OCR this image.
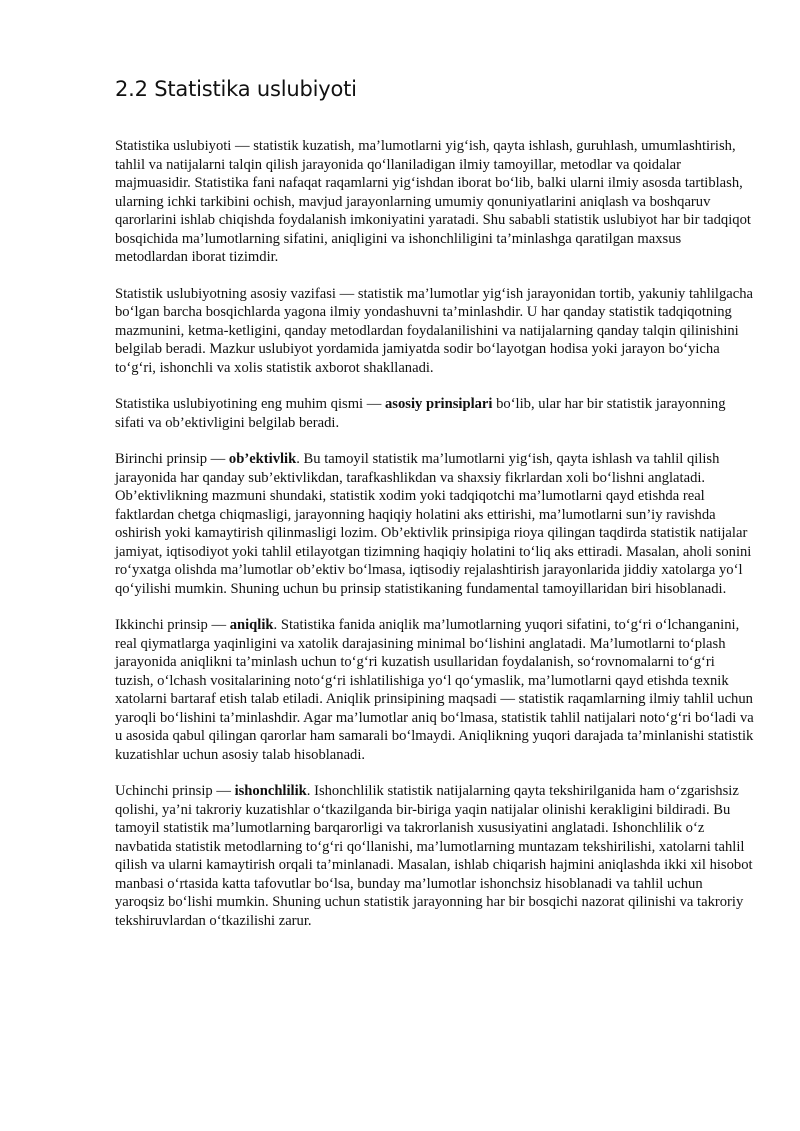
2.2 Statistika uslubiyoti

Statistika uslubiyoti — statistik kuzatish, ma’lumotlarni yig‘ish, qayta ishlash, guruhlash, umumlashtirish, tahlil va natijalarni talqin qilish jarayonida qo‘llaniladigan ilmiy tamoyillar, metodlar va qoidalar majmuasidir. Statistika fani nafaqat raqamlarni yig‘ishdan iborat bo‘lib, balki ularni ilmiy asosda tartiblash, ularning ichki tarkibini ochish, mavjud jarayonlarning umumiy qonuniyatlarini aniqlash va boshqaruv qarorlarini ishlab chiqishda foydalanish imkoniyatini yaratadi. Shu sababli statistik uslubiyot har bir tadqiqot bosqichida ma’lumotlarning sifatini, aniqligini va ishonchliligini ta’minlashga qaratilgan maxsus metodlardan iborat tizimdir.

Statistik uslubiyotning asosiy vazifasi — statistik ma’lumotlar yig‘ish jarayonidan tortib, yakuniy tahlilgacha bo‘lgan barcha bosqichlarda yagona ilmiy yondashuvni ta’minlashdir. U har qanday statistik tadqiqotning mazmunini, ketma-ketligini, qanday metodlardan foydalanilishini va natijalarning qanday talqin qilinishini belgilab beradi. Mazkur uslubiyot yordamida jamiyatda sodir bo‘layotgan hodisa yoki jarayon bo‘yicha to‘g‘ri, ishonchli va xolis statistik axborot shakllanadi.

Statistika uslubiyotining eng muhim qismi — asosiy prinsiplari bo‘lib, ular har bir statistik jarayonning sifati va ob’ektivligini belgilab beradi.

Birinchi prinsip — ob’ektivlik. Bu tamoyil statistik ma’lumotlarni yig‘ish, qayta ishlash va tahlil qilish jarayonida har qanday sub’ektivlikdan, tarafkashlikdan va shaxsiy fikrlardan xoli bo‘lishni anglatadi. Ob’ektivlikning mazmuni shundaki, statistik xodim yoki tadqiqotchi ma’lumotlarni qayd etishda real faktlardan chetga chiqmasligi, jarayonning haqiqiy holatini aks ettirishi, ma’lumotlarni sun’iy ravishda oshirish yoki kamaytirish qilinmasligi lozim. Ob’ektivlik prinsipiga rioya qilingan taqdirda statistik natijalar jamiyat, iqtisodiyot yoki tahlil etilayotgan tizimning haqiqiy holatini to‘liq aks ettiradi. Masalan, aholi sonini ro‘yxatga olishda ma’lumotlar ob’ektiv bo‘lmasa, iqtisodiy rejalashtirish jarayonlarida jiddiy xatolarga yo‘l qo‘yilishi mumkin. Shuning uchun bu prinsip statistikaning fundamental tamoyillaridan biri hisoblanadi.

Ikkinchi prinsip — aniqlik. Statistika fanida aniqlik ma’lumotlarning yuqori sifatini, to‘g‘ri o‘lchanganini, real qiymatlarga yaqinligini va xatolik darajasining minimal bo‘lishini anglatadi. Ma’lumotlarni to‘plash jarayonida aniqlikni ta’minlash uchun to‘g‘ri kuzatish usullaridan foydalanish, so‘rovnomalarni to‘g‘ri tuzish, o‘lchash vositalarining noto‘g‘ri ishlatilishiga yo‘l qo‘ymaslik, ma’lumotlarni qayd etishda texnik xatolarni bartaraf etish talab etiladi. Aniqlik prinsipining maqsadi — statistik raqamlarning ilmiy tahlil uchun yaroqli bo‘lishini ta’minlashdir. Agar ma’lumotlar aniq bo‘lmasa, statistik tahlil natijalari noto‘g‘ri bo‘ladi va u asosida qabul qilingan qarorlar ham samarali bo‘lmaydi. Aniqlikning yuqori darajada ta’minlanishi statistik kuzatishlar uchun asosiy talab hisoblanadi.

Uchinchi prinsip — ishonchlilik. Ishonchlilik statistik natijalarning qayta tekshirilganida ham o‘zgarishsiz qolishi, ya’ni takroriy kuzatishlar o‘tkazilganda bir-biriga yaqin natijalar olinishi kerakligini bildiradi. Bu tamoyil statistik ma’lumotlarning barqarorligi va takrorlanish xususiyatini anglatadi. Ishonchlilik o‘z navbatida statistik metodlarning to‘g‘ri qo‘llanishi, ma’lumotlarning muntazam tekshirilishi, xatolarni tahlil qilish va ularni kamaytirish orqali ta’minlanadi. Masalan, ishlab chiqarish hajmini aniqlashda ikki xil hisobot manbasi o‘rtasida katta tafovutlar bo‘lsa, bunday ma’lumotlar ishonchsiz hisoblanadi va tahlil uchun yaroqsiz bo‘lishi mumkin. Shuning uchun statistik jarayonning har bir bosqichi nazorat qilinishi va takroriy tekshiruvlardan o‘tkazilishi zarur.
